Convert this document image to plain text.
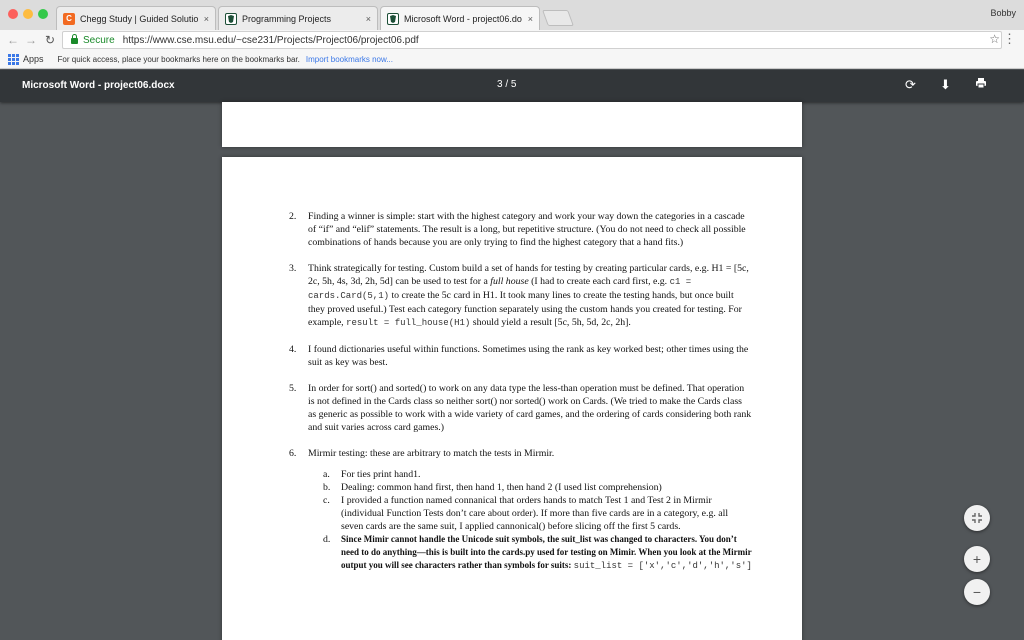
C Chegg Study | Guided Solutio ×	Programming Projects	×	Microsoft Word - project06.do ×
Bobby
← → ↻	Secure https://www.cse.msu.edu/~cse231/Projects/Project06/project06.pdf	☆ ⋮
Apps For quick access, place your bookmarks here on the bookmarks bar. Import bookmarks now...
Microsoft Word - project06.docx	3 / 5	⟳ ⬇
2.	Finding a winner is simple: start with the highest category and work your way down the categories in a cascade of “if” and “elif” statements. The result is a long, but repetitive structure. (You do not need to check all possible combinations of hands because you are only trying to find the highest category that a hand fits.)
3.	Think strategically for testing. Custom build a set of hands for testing by creating particular cards, e.g. H1 = [5c, 2c, 5h, 4s, 3d, 2h, 5d] can be used to test for a full house (I had to create each card first, e.g. c1 = cards.Card(5,1) to create the 5c card in H1. It took many lines to create the testing hands, but once built they proved useful.) Test each category function separately using the custom hands you created for testing. For example, result = full_house(H1) should yield a result [5c, 5h, 5d, 2c, 2h].
4.	I found dictionaries useful within functions. Sometimes using the rank as key worked best; other times using the suit as key was best.
5.	In order for sort() and sorted() to work on any data type the less-than operation must be defined. That operation is not defined in the Cards class so neither sort() nor sorted() work on Cards. (We tried to make the Cards class as generic as possible to work with a wide variety of card games, and the ordering of cards considering both rank and suit varies across card games.)
6.	Mirmir testing: these are arbitrary to match the tests in Mirmir.
a.	For ties print hand1.
b.	Dealing: common hand first, then hand 1, then hand 2 (I used list comprehension)
c.	I provided a function named connanical that orders hands to match Test 1 and Test 2 in Mirmir (individual Function Tests don’t care about order). If more than five cards are in a category, e.g. all seven cards are the same suit, I applied cannonical() before slicing off the first 5 cards.
d.	Since Mimir cannot handle the Unicode suit symbols, the suit_list was changed to characters. You don’t need to do anything—this is built into the cards.py used for testing on Mimir. When you look at the Mirmir output you will see characters rather than symbols for suits: suit_list = ['x','c','d','h','s']	+
−
